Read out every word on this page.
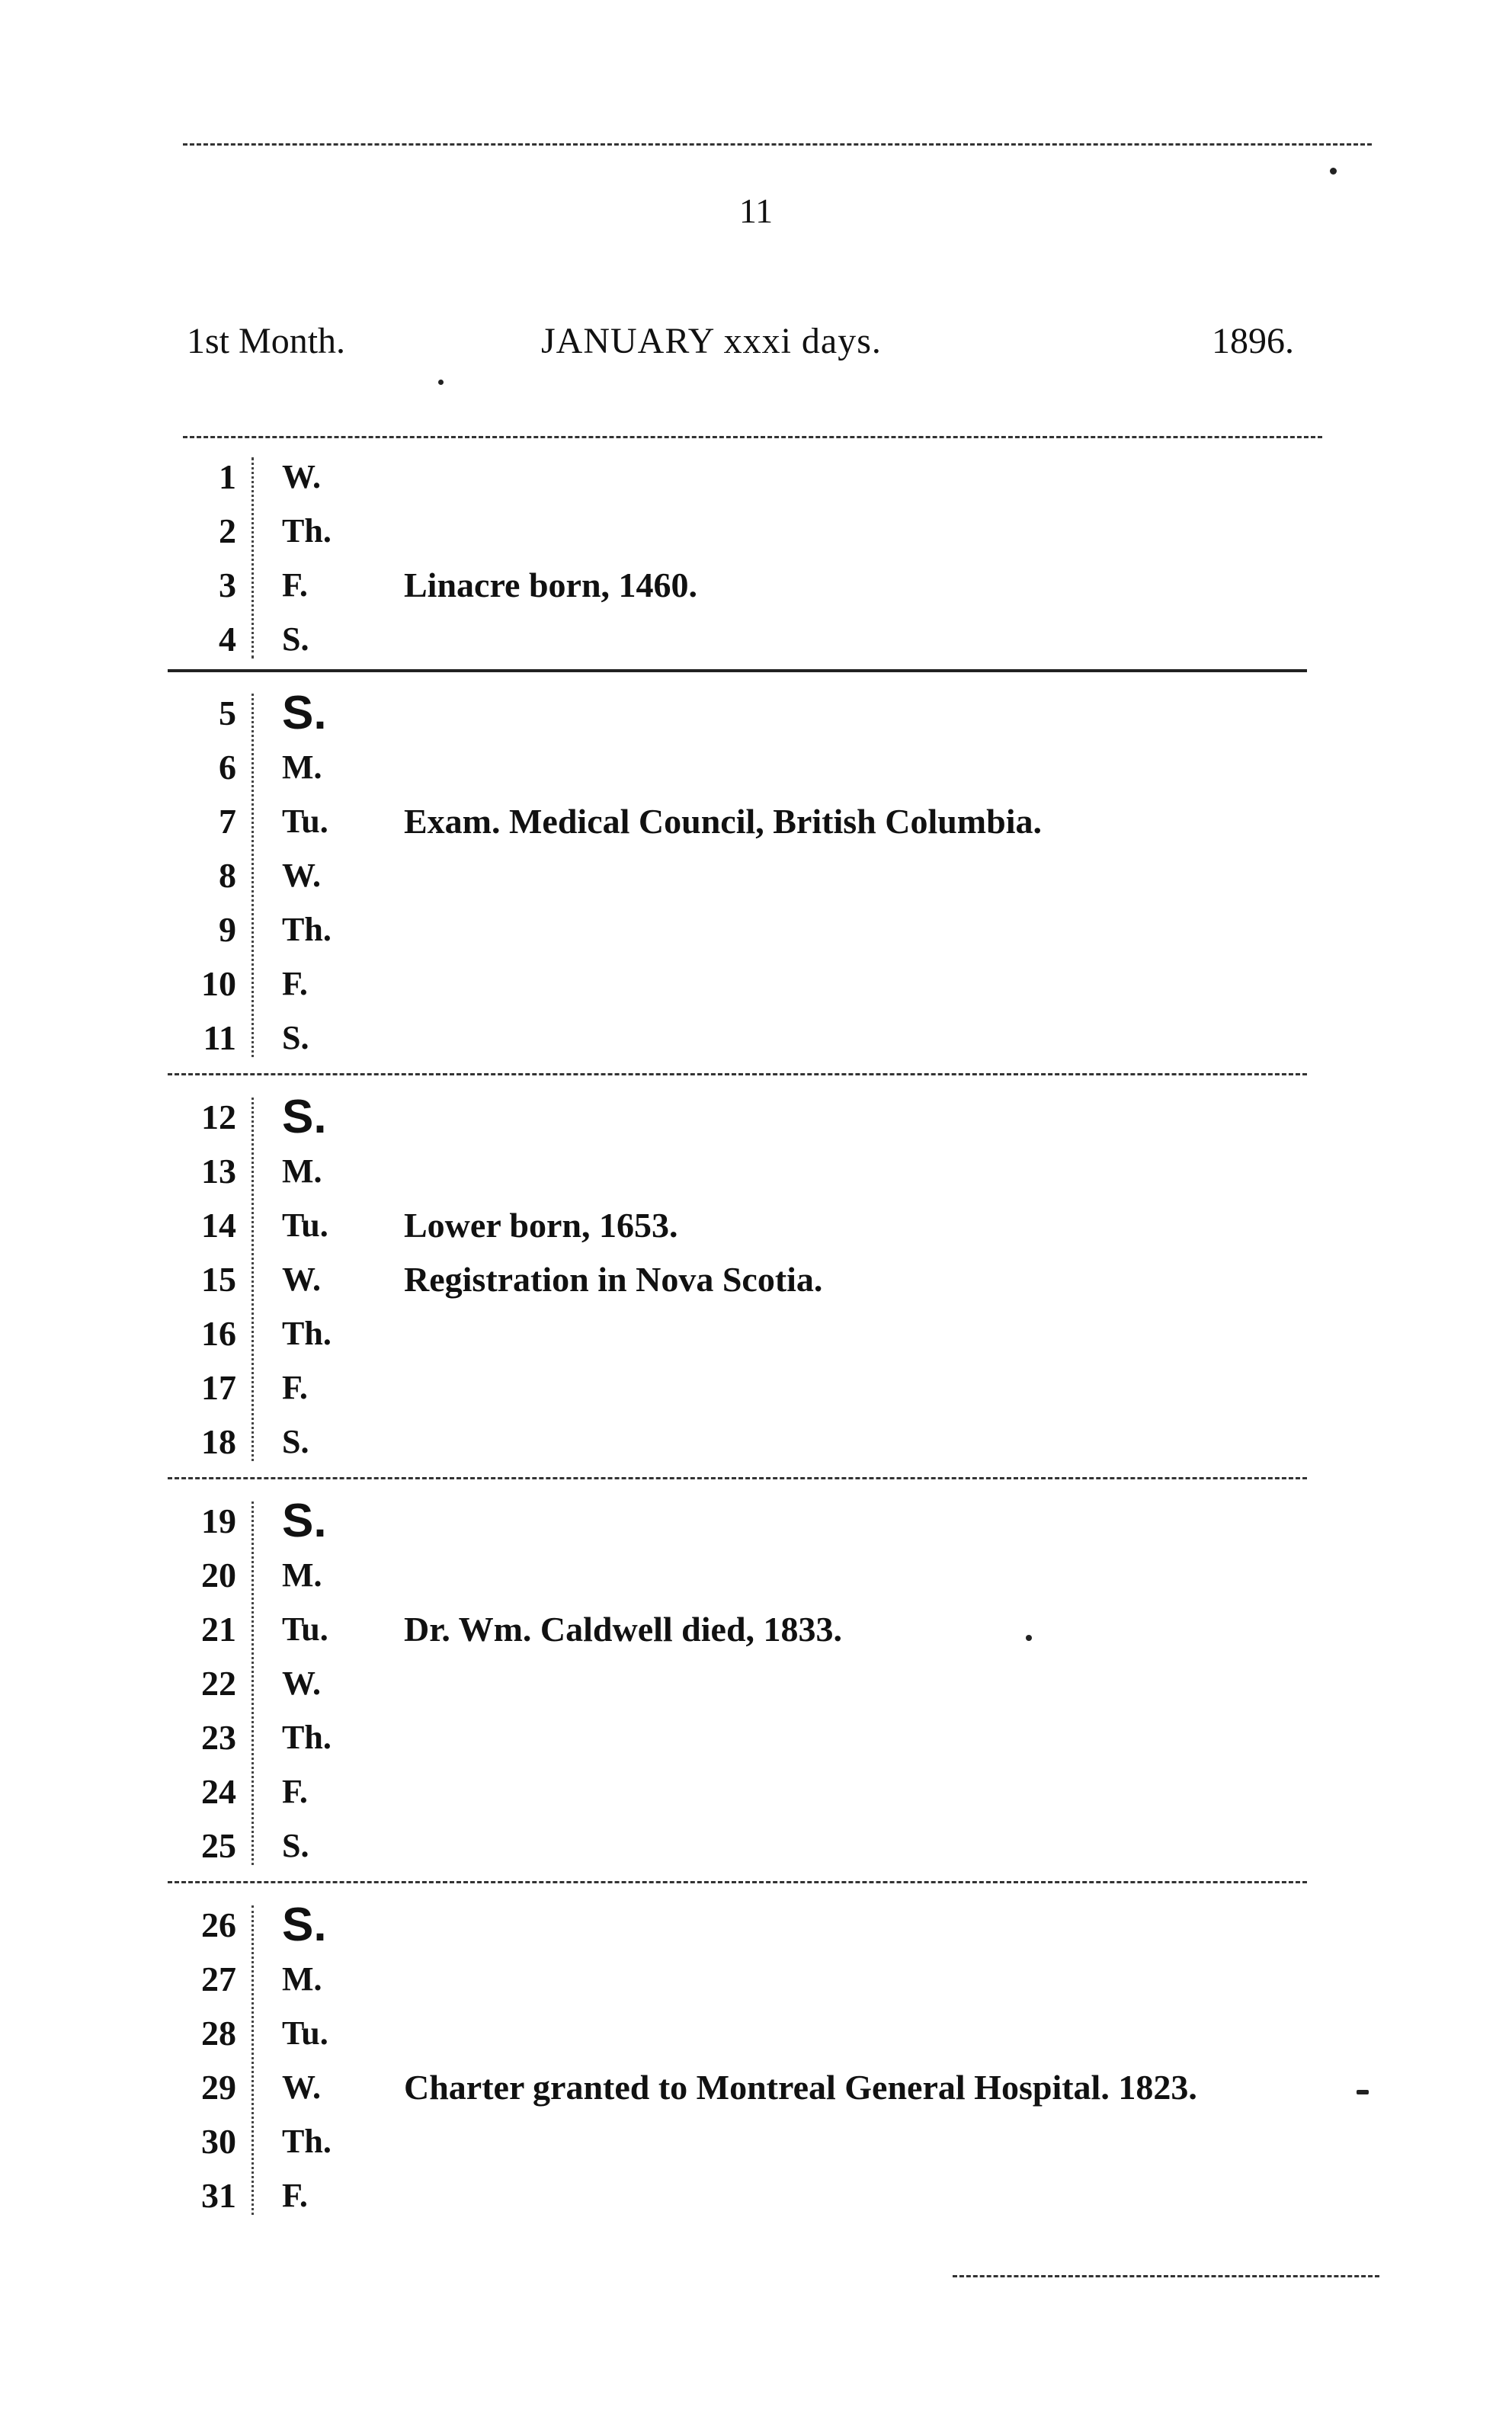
11
1st Month.	JANUARY xxxi days.	1896.
1 W.
2 Th.
3 F.	Linacre born, 1460.
4 S.
5 S.
6 M.
7 Tu.	Exam. Medical Council, British Columbia.
8 W.
9 Th.
10 F.
11 S.
12 S.
13 M.
14 Tu.	Lower born, 1653.
15 W.	Registration in Nova Scotia.
16 Th.
17 F.
18 S.
19 S.
20 M.
21 Tu.	Dr. Wm. Caldwell died, 1833.
22 W.
23 Th.
24 F.
25 S.
26 S.
27 M.
28 Tu.
29 W.	Charter granted to Montreal General Hospital. 1823.
30 Th.
31 F.
